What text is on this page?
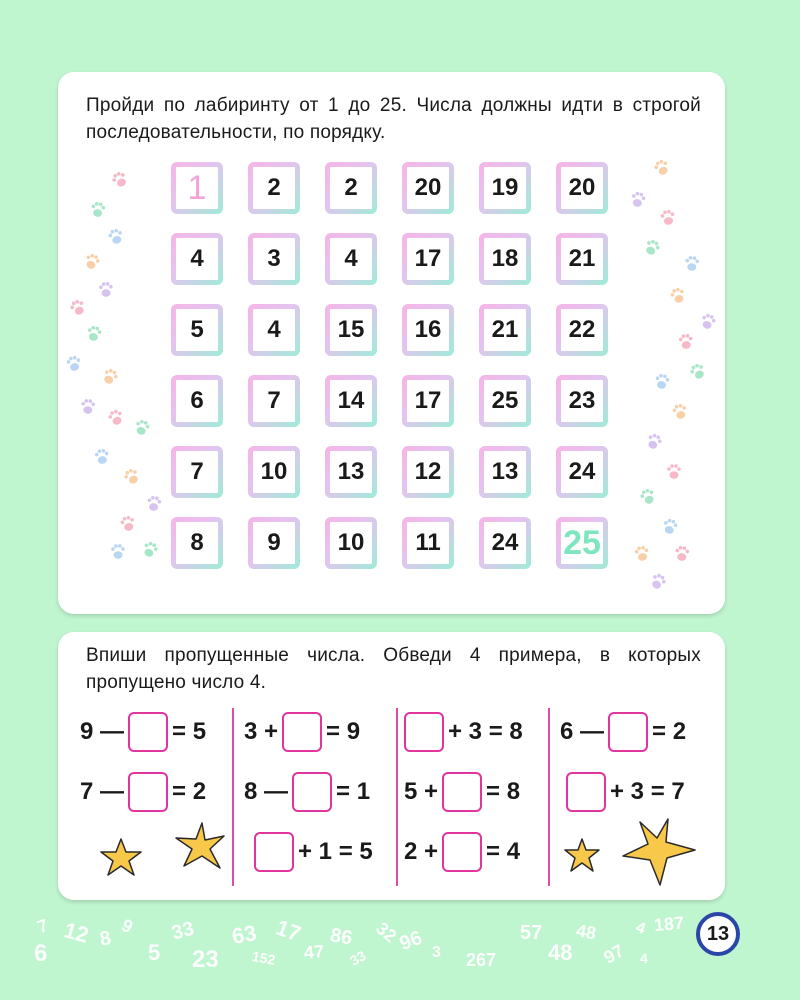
Пройди по лабиринту от 1 до 25. Числа должны идти в строгой последовательности, по порядку.
1	2	2	20	19	20
4	3	4	17	18	21
5	4	15	16	21	22
6	7	14	17	25	23
7	10	13	12	13	24
8	9	10	11	24	25
Впиши пропущенные числа. Обведи 4 примера, в которых пропущено число 4.
9 — = 5
7 — = 2
3 + = 9
8 — = 1
+ 1 = 5
+ 3 = 8
5 + = 8
2 + = 4
6 — = 2
+ 3 = 7
7
6
12 8
9
5
33
23
63
152
17
47
86
33
32
96 3 267
57
48
48
97
4 187
4
13
